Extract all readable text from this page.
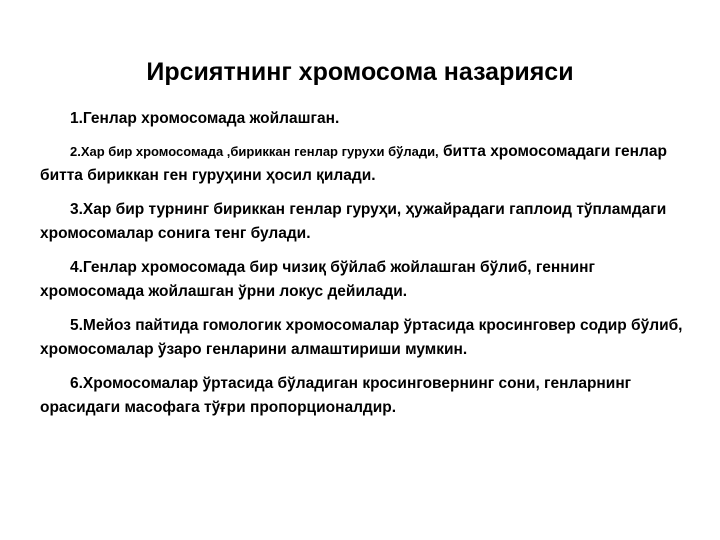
Ирсиятнинг хромосома назарияси

1.Генлар хромосомада жойлашган.

2.Хар бир хромосомада ,бириккан генлар гурухи бўлади, битта хромосомадаги генлар битта бириккан ген гуруҳини ҳосил қилади.

3.Хар бир турнинг бириккан генлар гуруҳи, ҳужайрадаги гаплоид тўпламдаги хромосомалар сонига тенг булади.

4.Генлар хромосомада бир чизиқ бўйлаб жойлашган бўлиб, геннинг хромосомада жойлашган ўрни локус дейилади.

5.Мейоз пайтида гомологик хромосомалар ўртасида кросинговер содир бўлиб, хромосомалар ўзаро генларини алмаштириши мумкин.

6.Хромосомалар ўртасида бўладиган кросинговернинг сони, генларнинг орасидаги масофага тўғри пропорционалдир.
